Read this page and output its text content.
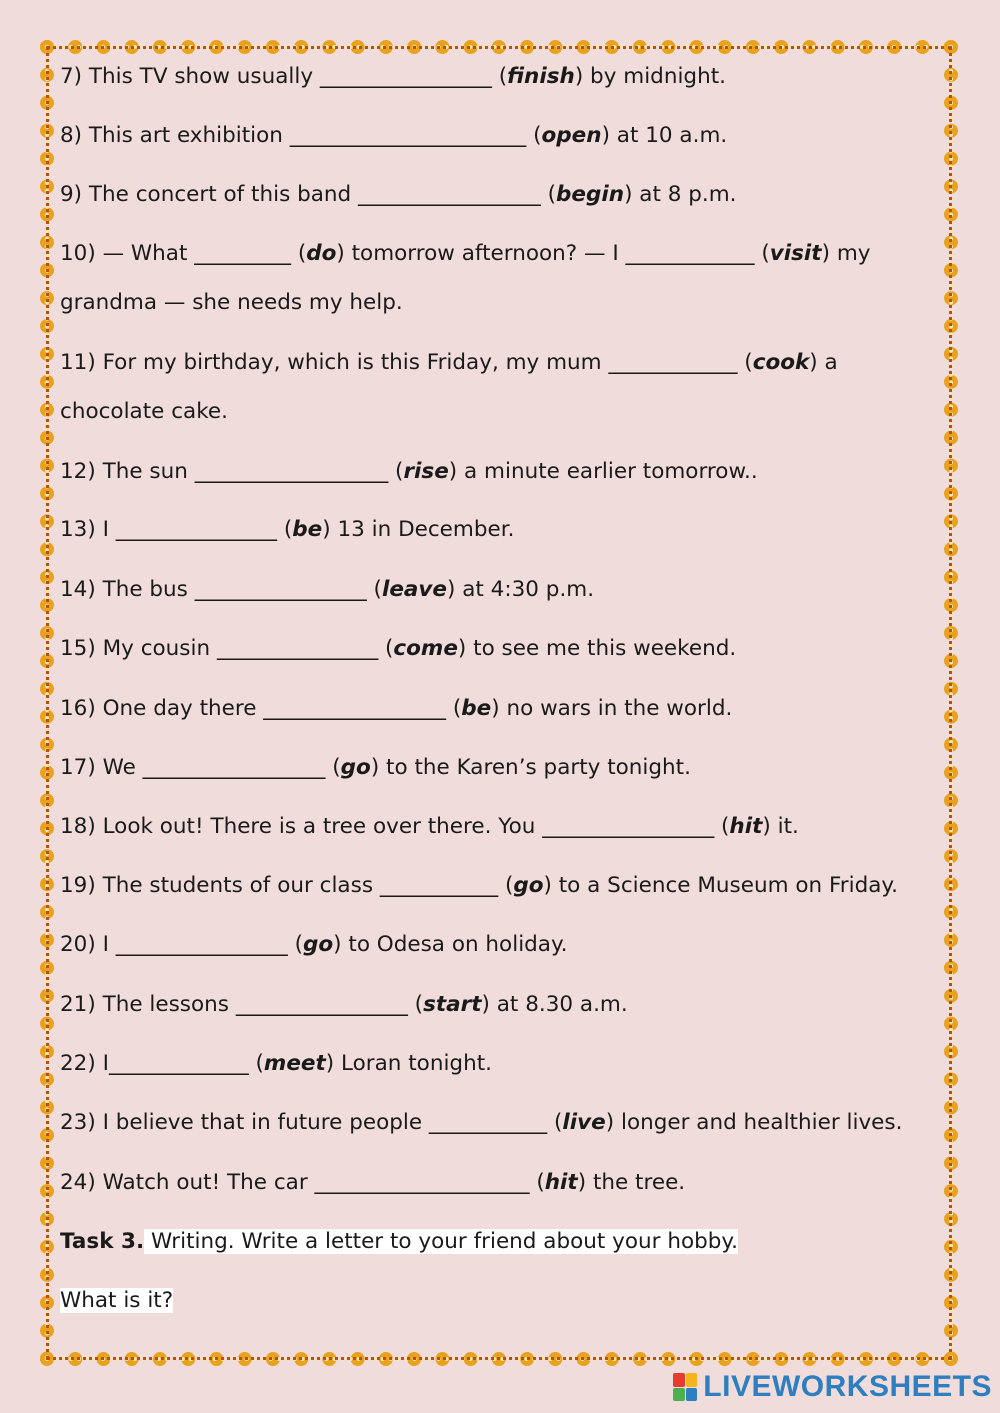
7) This TV show usually ________________ (finish) by midnight.
8) This art exhibition ______________________ (open) at 10 a.m.
9) The concert of this band _________________ (begin) at 8 p.m.
10) — What _________ (do) tomorrow afternoon? — I ____________ (visit) my
grandma — she needs my help.
11) For my birthday, which is this Friday, my mum ____________ (cook) a
chocolate cake.
12) The sun __________________ (rise) a minute earlier tomorrow..
13) I _______________ (be) 13 in December.
14) The bus ________________ (leave) at 4:30 p.m.
15) My cousin _______________ (come) to see me this weekend.
16) One day there _________________ (be) no wars in the world.
17) We _________________ (go) to the Karen’s party tonight.
18) Look out! There is a tree over there. You ________________ (hit) it.
19) The students of our class ___________ (go) to a Science Museum on Friday.
20) I ________________ (go) to Odesa on holiday.
21) The lessons ________________ (start) at 8.30 a.m.
22) I_____________ (meet) Loran tonight.
23) I believe that in future people ___________ (live) longer and healthier lives.
24) Watch out! The car ____________________ (hit) the tree.
Task 3. Writing. Write a letter to your friend about your hobby.
What is it?
LIVEWORKSHEETS
